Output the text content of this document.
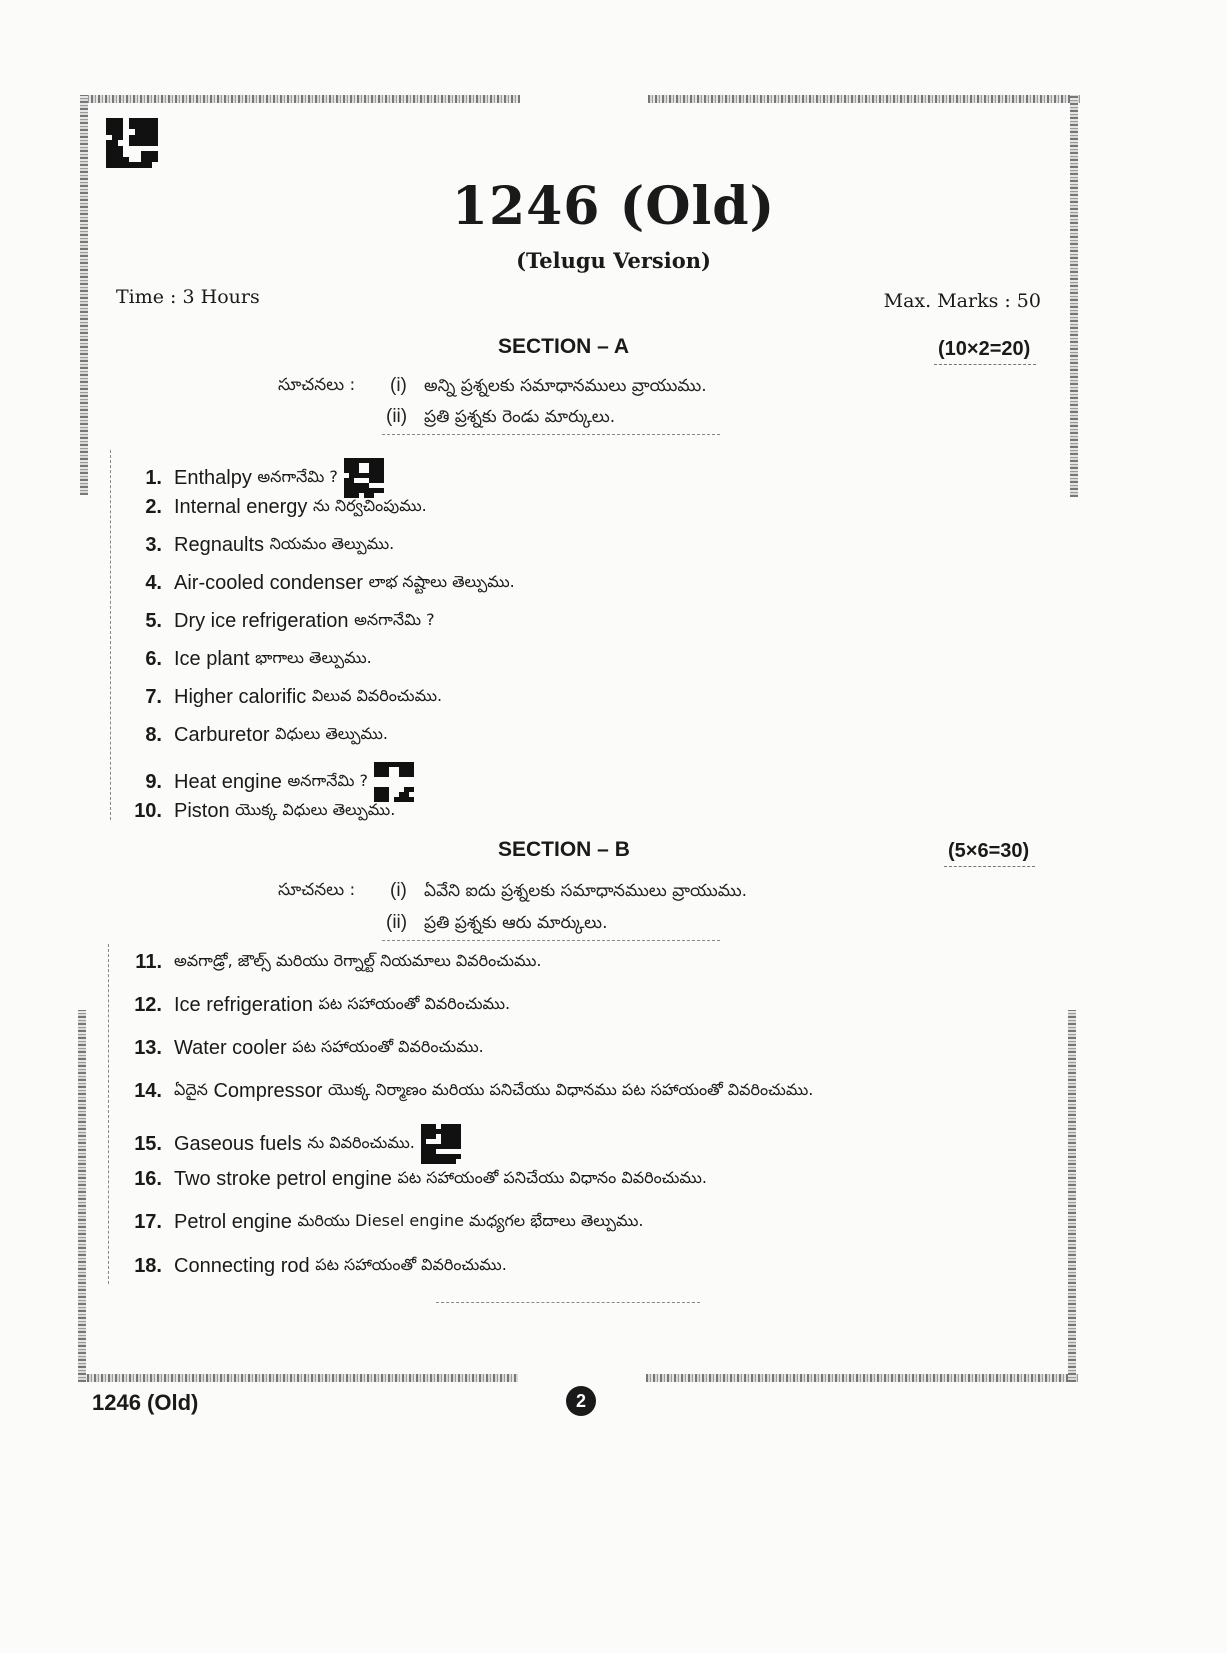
1246 (Old)
(Telugu Version)
Time : 3 Hours	Max. Marks : 50
SECTION – A	(10×2=20)
సూచనలు : (i) అన్ని ప్రశ్నలకు సమాధానములు వ్రాయుము.
(ii) ప్రతి ప్రశ్నకు రెండు మార్కులు.
1. Enthalpy
అనగానేమి ?
2. Internal energy
ను నిర్వచింపుము.
3. Regnaults
నియమం తెల్పుము.
4. Air-cooled condenser
లాభ నష్టాలు తెల్పుము.
5. Dry ice refrigeration
అనగానేమి ?
6. Ice plant
భాగాలు తెల్పుము.
7. Higher calorific
విలువ వివరించుము.
8. Carburetor
విధులు తెల్పుము.
9. Heat engine
అనగానేమి ?
10. Piston
యొక్క విధులు తెల్పుము.
SECTION – B	(5×6=30)
సూచనలు : (i) ఏవేని ఐదు ప్రశ్నలకు సమాధానములు వ్రాయుము.
(ii) ప్రతి ప్రశ్నకు ఆరు మార్కులు.
11. అవగాడ్రో, జౌల్స్ మరియు రెగ్నాల్ట్ నియమాలు వివరించుము.
12. Ice refrigeration
పట సహాయంతో వివరించుము.
13. Water cooler
పట సహాయంతో వివరించుము.
14. ఏదైన
Compressor
యొక్క నిర్మాణం మరియు పనిచేయు విధానము పట సహాయంతో వివరించుము.
15. Gaseous fuels
ను వివరించుము.
16. Two stroke petrol engine
పట సహాయంతో పనిచేయు విధానం వివరించుము.
17. Petrol engine
మరియు Diesel engine మధ్యగల భేదాలు తెల్పుము.
18. Connecting rod
పట సహాయంతో వివరించుము.
1246 (Old)	2
